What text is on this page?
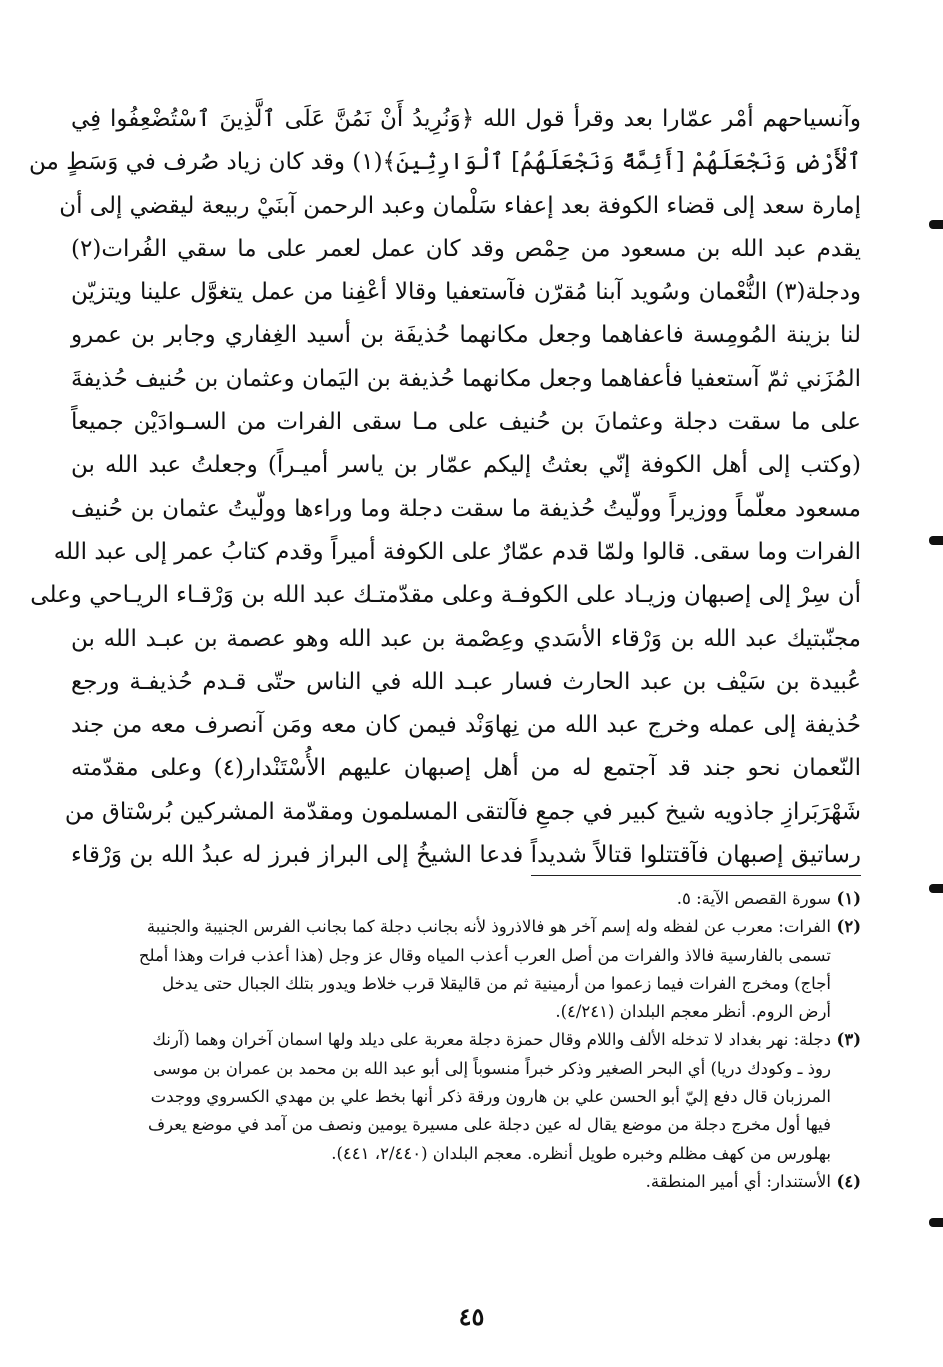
وآنسياحهم أمْر عمّارا بعد وقرأ قول الله ﴿وَنُرِيدُ أَنْ نَمُنَّ عَلَى ٱلَّذِينَ ٱسْتُضْعِفُوا فِي
ٱلْأَرْضِ وَنَجْعَلَهُمْ [أَئِمَّةً وَنَجْعَلَهُمُ] ٱلْوَارِثِينَ﴾(١) وقد كان زياد صُرف في وَسَطٍ من
إمارة سعد إلى قضاء الكوفة بعد إعفاء سَلْمان وعبد الرحمن آبنَيْ ربيعة ليقضي إلى أن
يقدم عبد الله بن مسعود من حِمْص وقد كان عمل لعمر على ما سقي الفُرات(٢)
ودجلة(٣) النُّعْمان وسُويد آبنا مُقرّن فآستعفيا وقالا أعْفِنا من عمل يتغوَّل علينا ويتزيّن
لنا بزينة المُومِسة فاعفاهما وجعل مكانهما حُذيفَة بن أسيد الغِفاري وجابر بن عمرو
المُزَني ثمّ آستعفيا فأعفاهما وجعل مكانهما حُذيفة بن اليَمان وعثمان بن حُنيف حُذيفةَ
على ما سقت دجلة وعثمانَ بن حُنيف على مـا سقى الفرات من السـوادَيْن جميعاً
(وكتب إلى أهل الكوفة إنّي بعثتُ إليكم عمّار بن ياسر أميـراً) وجعلتُ عبد الله بن
مسعود معلّماً ووزيراً وولّيتُ حُذيفة ما سقت دجلة وما وراءها وولّيتُ عثمان بن حُنيف
الفرات وما سقى. قالوا ولمّا قدم عمّارٌ على الكوفة أميراً وقدم كتابُ عمر إلى عبد الله
أن سِرْ إلى إصبهان وزيـاد على الكوفـة وعلى مقدّمتـك عبد الله بن وَرْقـاء الريـاحي وعلى
مجنّبتيك عبد الله بن وَرْقاء الأسَدي وعِصْمة بن عبد الله وهو عصمة بن عبـد الله بن
عُبيدة بن سَيْف بن عبد الحارث فسار عبـد الله في الناس حتّى قـدم حُذيفـة ورجع
حُذيفة إلى عمله وخرج عبد الله من نِهاوَنْد فيمن كان معه ومَن آنصرف معه من جند
النّعمان نحو جند قد آجتمع له من أهل إصبهان عليهم الأُسْتَنْدار(٤) وعلى مقدّمته
شَهْرَبَرازِ جاذويه شيخ كبير في جمعِ فآلتقى المسلمون ومقدّمة المشركين بُرسْتاق من
رساتيق إصبهان فآقتتلوا قتالاً شديداً فدعا الشيخُ إلى البراز فبرز له عبدُ الله بن وَرْقاء
(١)سورة القصص الآية: ٥.
(٢)الفرات: معرب عن لفظه وله إسم آخر هو فالاذروذ لأنه بجانب دجلة كما بجانب الفرس الجنيبة والجنيبة
تسمى بالفارسية فالاذ والفرات من أصل العرب أعذب المياه وقال عز وجل (هذا أعذب فرات وهذا أملح
أجاج) ومخرج الفرات فيما زعموا من أرمينية ثم من قاليقلا قرب خلاط ويدور بتلك الجبال حتى يدخل
أرض الروم. أنظر معجم البلدان (٤/٢٤١).
(٣)دجلة: نهر بغداد لا تدخله الألف واللام وقال حمزة دجلة معربة على ديلد ولها اسمان آخران وهما (آرنك
روذ ـ وكودك دريا) أي البحر الصغير وذكر خبراً منسوباً إلى أبو عبد الله بن محمد بن عمران بن موسى
المرزبان قال دفع إليّ أبو الحسن علي بن هارون ورقة ذكر أنها بخط علي بن مهدي الكسروي ووجدت
فيها أول مخرج دجلة من موضع يقال له عين دجلة على مسيرة يومين ونصف من آمد في موضع يعرف
بهلورس من كهف مظلم وخبره طويل أنظره. معجم البلدان (٢/٤٤٠، ٤٤١).
(٤)الأستندار: أي أمير المنطقة.
٤٥
